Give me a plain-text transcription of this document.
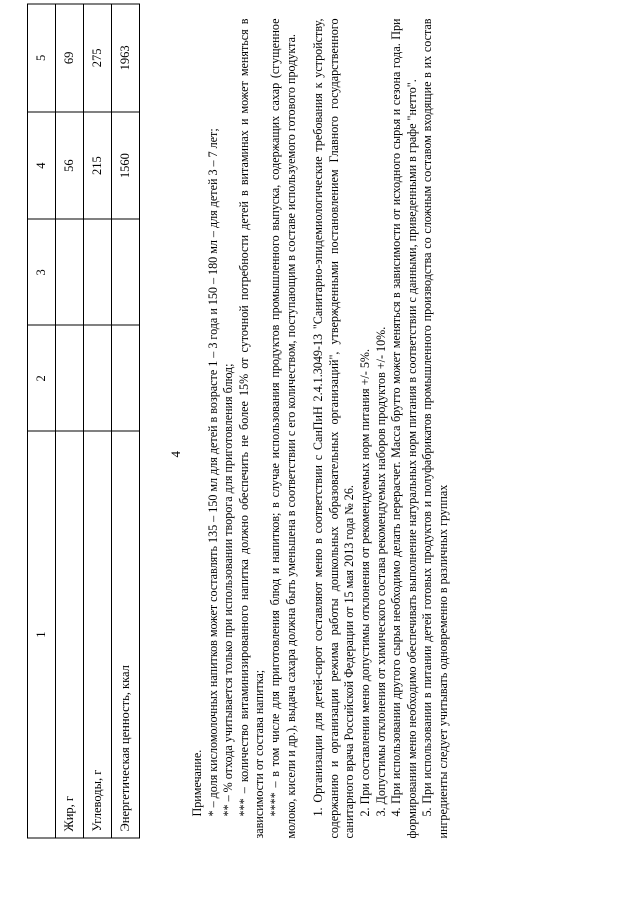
4
1	2	3	4	5
Жир, г			56	69
Углеводы, г			215	275
Энергетическая ценность, ккал			1560	1963

Примечание. * – доля кисломолочных напитков может составлять 135 – 150 мл для детей в возрасте 1 – 3 года и 150 – 180 мл – для детей 3 – 7 лет; ** – % отхода учитывается только при использовании творога для приготовления блюд; *** – количество витаминизированного напитка должно обеспечить не более 15% от суточной потребности детей в витаминах и может меняться в зависимости от состава напитка; **** – в том числе для приготовления блюд и напитков; в случае использования продуктов промышленного выпуска, содержащих сахар (сгущенное молоко, кисели и др.), выдача сахара должна быть уменьшена в соответствии с его количеством, поступающим в составе используемого готового продукта. 1. Организации для детей-сирот составляют меню в соответствии с СанПиН 2.4.1.3049-13 "Санитарно-эпидемиологические требования к устройству, содержанию и организации режима работы дошкольных образовательных организаций", утвержденными постановлением Главного государственного санитарного врача Российской Федерации от 15 мая 2013 года № 26. 2. При составлении меню допустимы отклонения от рекомендуемых норм питания +/- 5%. 3. Допустимы отклонения от химического состава рекомендуемых наборов продуктов +/- 10%. 4. При использовании другого сырья необходимо делать перерасчет. Масса брутто может меняться в зависимости от исходного сырья и сезона года. При формировании меню необходимо обеспечивать выполнение натуральных норм питания в соответствии с данными, приведенными в графе "нетто". 5. При использовании в питании детей готовых продуктов и полуфабрикатов промышленного производства со сложным составом входящие в их состав ингредиенты следует учитывать одновременно в различных группах
